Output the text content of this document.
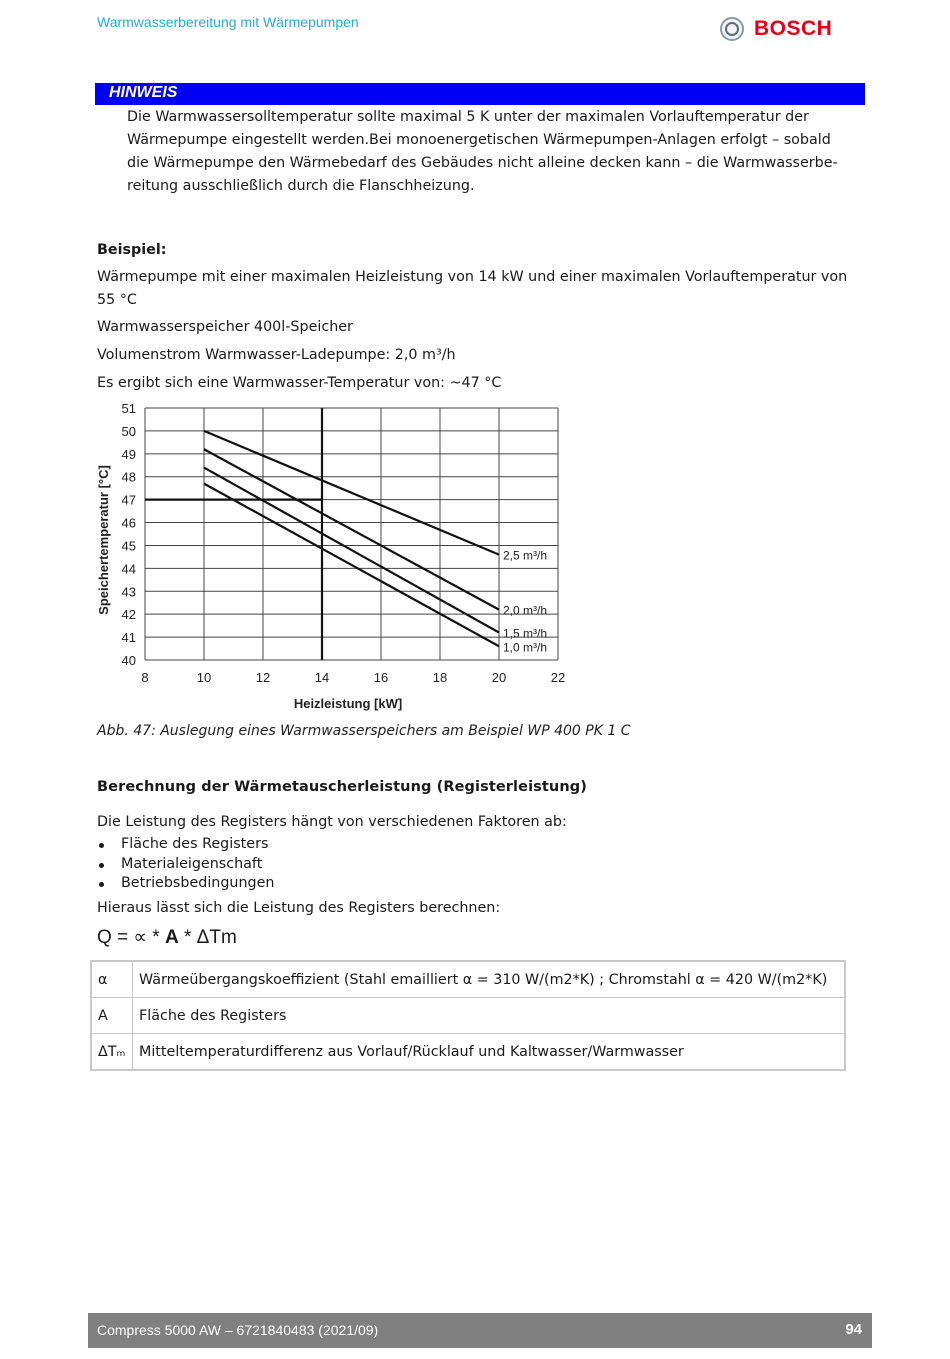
Warmwasserbereitung mit Wärmepumpen	BOSCH
HINWEIS
Die Warmwassersolltemperatur sollte maximal 5 K unter der maximalen Vorlauftemperatur der
Wärmepumpe eingestellt werden.Bei monoenergetischen Wärmepumpen-Anlagen erfolgt – sobald
die Wärmepumpe den Wärmebedarf des Gebäudes nicht alleine decken kann – die Warmwasserbe-
reitung ausschließlich durch die Flanschheizung.
Beispiel:
Wärmepumpe mit einer maximalen Heizleistung von 14 kW und einer maximalen Vorlauftemperatur von
55 °C
Warmwasserspeicher 400l-Speicher
Volumenstrom Warmwasser-Ladepumpe: 2,0 m³/h
Es ergibt sich eine Warmwasser-Temperatur von: ~47 °C
8	10	12	14	16	18	20	22
40
41
42
43
44
45
46
47
48
49
50
51
2,5 m³/h
2,0 m³/h
1,5 m³/h
1,0 m³/h
Heizleistung [kW]
Speichertemperatur [°C]
Abb. 47: Auslegung eines Warmwasserspeichers am Beispiel WP 400 PK 1 C
Berechnung der Wärmetauscherleistung (Registerleistung)
Die Leistung des Registers hängt von verschiedenen Faktoren ab:
Fläche des Registers
Materialeigenschaft
Betriebsbedingungen
Hieraus lässt sich die Leistung des Registers berechnen:
Q = ∝ * A * ΔTm
α	Wärmeübergangskoeffizient (Stahl emailliert α = 310 W/(m2*K) ; Chromstahl α = 420 W/(m2*K)
A	Fläche des Registers
ΔTₘ	Mitteltemperaturdifferenz aus Vorlauf/Rücklauf und Kaltwasser/Warmwasser
Compress 5000 AW – 6721840483 (2021/09)	94
